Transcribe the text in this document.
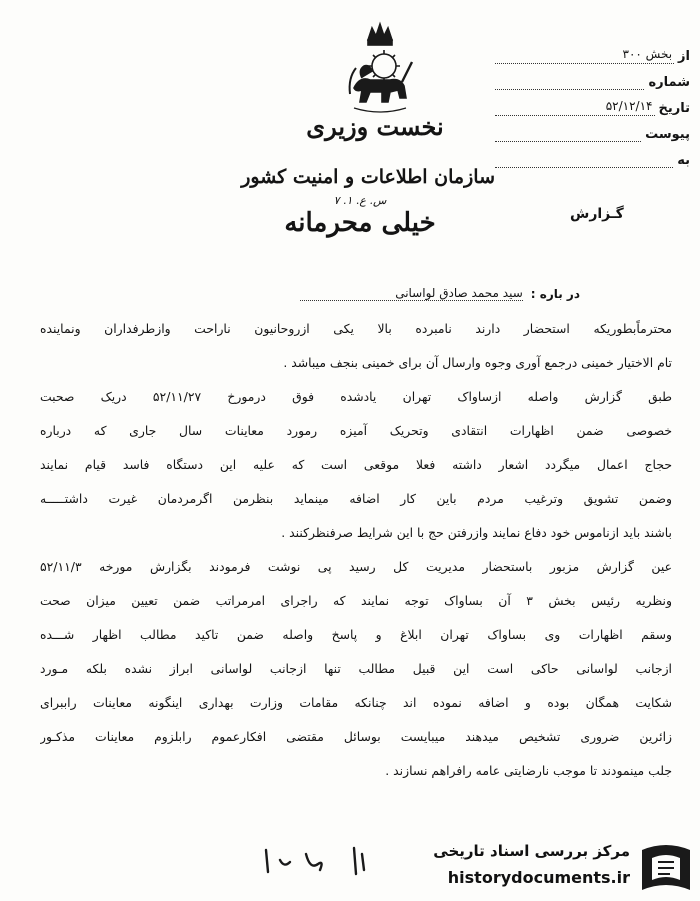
نخست وزیری
سازمان اطلاعات و امنیت کشور
س. ع. ۱. ۷
خیلی محرمانه
از
بخش ۳۰۰
شماره
تاریخ
۵۲/۱۲/۱۴
پیوست
به
گـزارش
در باره :
سید محمد صادق لواسانی
محترماًبطوریکه استحضار دارند نامبرده بالا یکی ازروحانیون ناراحت وازطرفداران ونماینده
تام الاختیار خمینی درجمع آوری وجوه وارسال آن برای خمینی بنجف میباشد .
طبق گزارش واصله ازساواک تهران یادشده فوق درمورخ ۵۲/۱۱/۲۷ دریک صحبت
خصوصی ضمن اظهارات انتقادی وتحریک آمیزه رمورد معاینات سال جاری که درباره
حجاج اعمال میگردد اشعار داشته فعلا موقعی است که علیه این دستگاه فاسد قیام نمایند
وضمن تشویق وترغیب مردم باین کار اضافه مینماید بنظرمن اگرمردمان غیرت داشتـــــه
باشند باید ازناموس خود دفاع نمایند وازرفتن حج با این شرایط صرفنظرکنند .
عین گزارش مزبور باستحضار مدیریت کل رسید پی نوشت فرمودند بگزارش مورخه ۵۲/۱۱/۳
ونظریه رئیس بخش ۳ آن بساواک توجه نمایند که راجرای امرمراتب ضمن تعیین میزان صحت
وسقم اظهارات وی بساواک تهران ابلاغ و پاسخ واصله ضمن تاکید مطالب اظهار شـــده
ازجانب لواسانی حاکی است این قبیل مطالب تنها ازجانب لواسانی ابراز نشده بلکه مـورد
شکایت همگان بوده و اضافه نموده اند چنانکه مقامات وزارت بهداری اینگونه معاینات راببرای
زائرین ضروری تشخیص میدهند میبایست بوسائل مقتضی افکارعموم رابلزوم معاینات مذکـور
جلب مینمودند تا موجب نارضایتی عامه رافراهم نسازند .
مرکز بررسی اسناد تاریخی
historydocuments.ir
